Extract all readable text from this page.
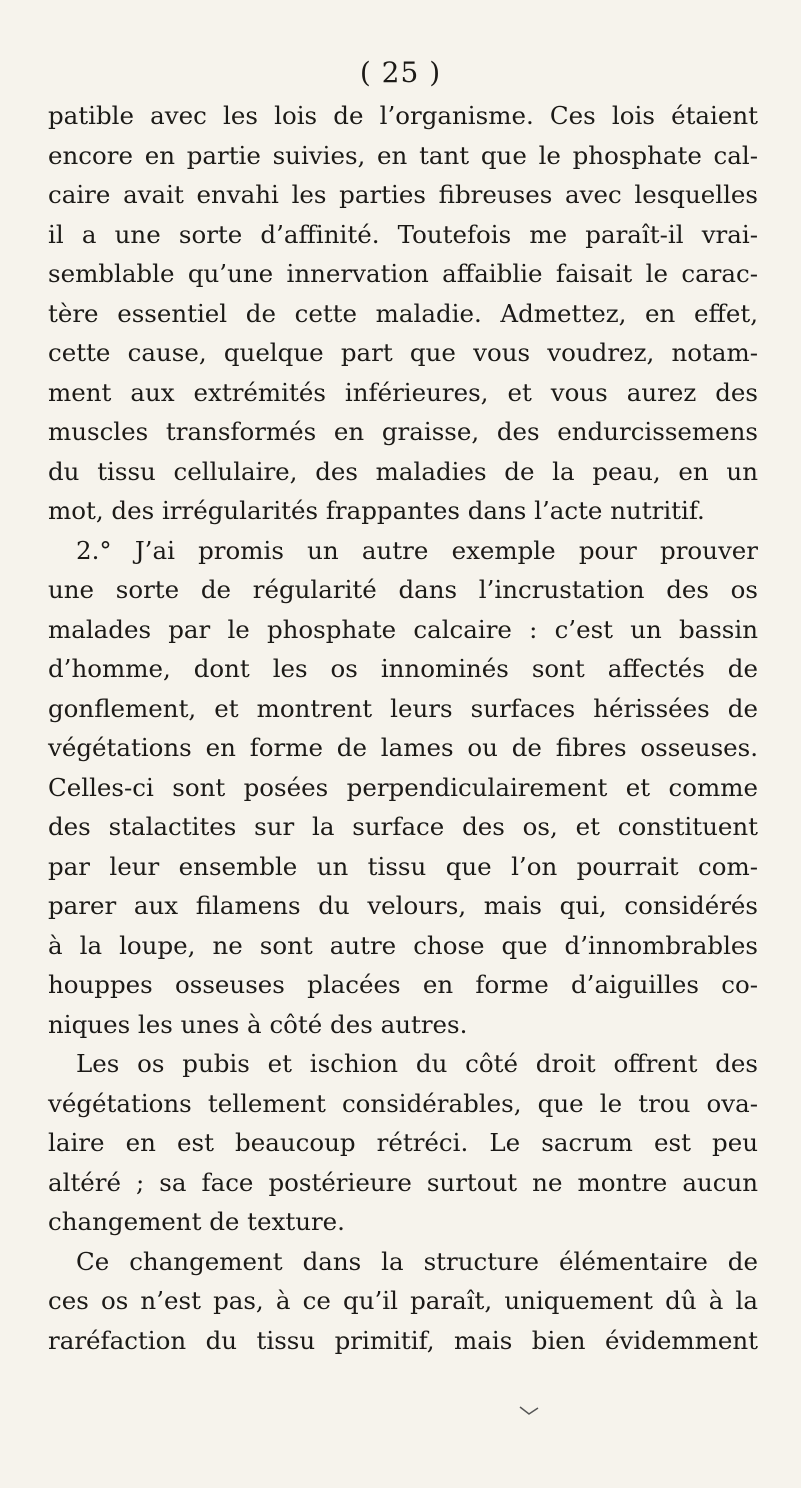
( 25 )
patible avec les lois de l’organisme. Ces lois étaient
encore en partie suivies, en tant que le phosphate cal-
caire avait envahi les parties fibreuses avec lesquelles
il a une sorte d’affinité. Toutefois me paraît-il vrai-
semblable qu’une innervation affaiblie faisait le carac-
tère essentiel de cette maladie. Admettez, en effet,
cette cause, quelque part que vous voudrez, notam-
ment aux extrémités inférieures, et vous aurez des
muscles transformés en graisse, des endurcissemens
du tissu cellulaire, des maladies de la peau, en un
mot, des irrégularités frappantes dans l’acte nutritif.
2.° J’ai promis un autre exemple pour prouver
une sorte de régularité dans l’incrustation des os
malades par le phosphate calcaire : c’est un bassin
d’homme, dont les os innominés sont affectés de
gonflement, et montrent leurs surfaces hérissées de
végétations en forme de lames ou de fibres osseuses.
Celles-ci sont posées perpendiculairement et comme
des stalactites sur la surface des os, et constituent
par leur ensemble un tissu que l’on pourrait com-
parer aux filamens du velours, mais qui, considérés
à la loupe, ne sont autre chose que d’innombrables
houppes osseuses placées en forme d’aiguilles co-
niques les unes à côté des autres.
Les os pubis et ischion du côté droit offrent des
végétations tellement considérables, que le trou ova-
laire en est beaucoup rétréci. Le sacrum est peu
altéré ; sa face postérieure surtout ne montre aucun
changement de texture.
Ce changement dans la structure élémentaire de
ces os n’est pas, à ce qu’il paraît, uniquement dû à la
raréfaction du tissu primitif, mais bien évidemment
